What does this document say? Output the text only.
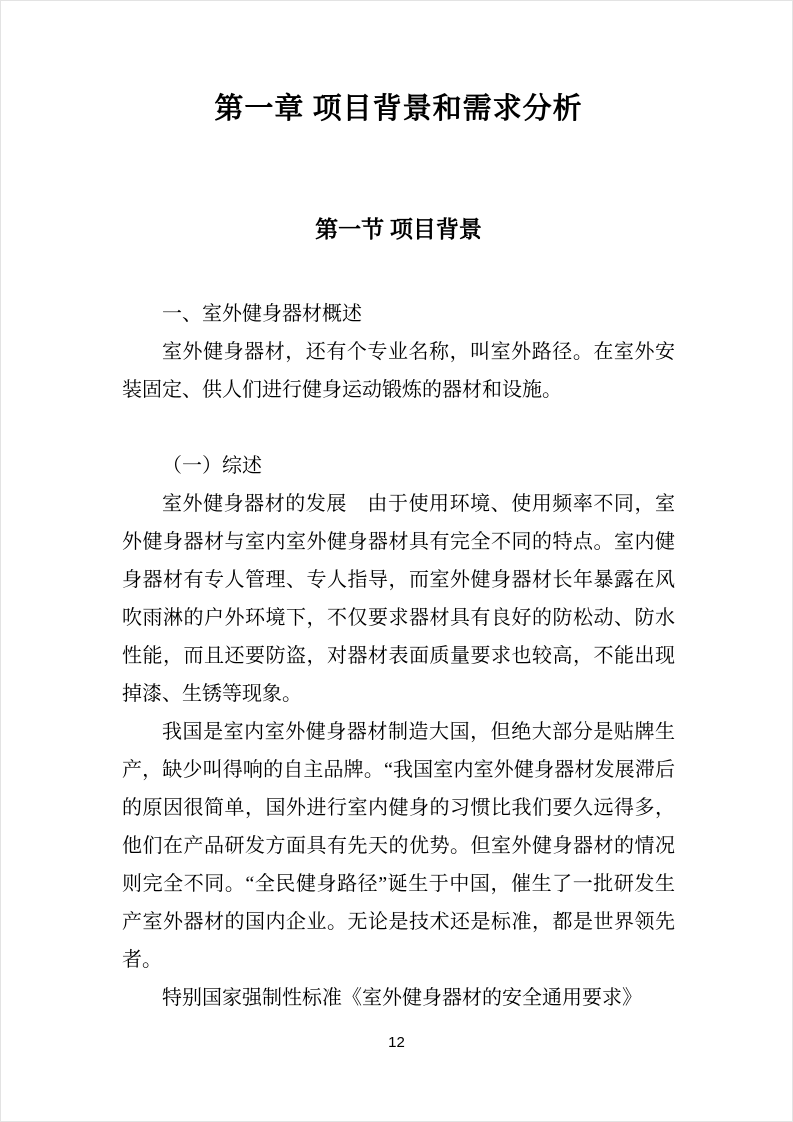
第一章 项目背景和需求分析
第一节 项目背景

一、室外健身器材概述

室外健身器材，还有个专业名称，叫室外路径。在室外安装固定、供人们进行健身运动锻炼的器材和设施。

（一）综述

室外健身器材的发展　由于使用环境、使用频率不同，室外健身器材与室内室外健身器材具有完全不同的特点。室内健身器材有专人管理、专人指导，而室外健身器材长年暴露在风吹雨淋的户外环境下，不仅要求器材具有良好的防松动、防水性能，而且还要防盗，对器材表面质量要求也较高，不能出现掉漆、生锈等现象。

我国是室内室外健身器材制造大国，但绝大部分是贴牌生产，缺少叫得响的自主品牌。“我国室内室外健身器材发展滞后的原因很简单，国外进行室内健身的习惯比我们要久远得多，他们在产品研发方面具有先天的优势。但室外健身器材的情况则完全不同。“全民健身路径”诞生于中国，催生了一批研发生产室外器材的国内企业。无论是技术还是标准，都是世界领先者。

特别国家强制性标准《室外健身器材的安全通用要求》

12
